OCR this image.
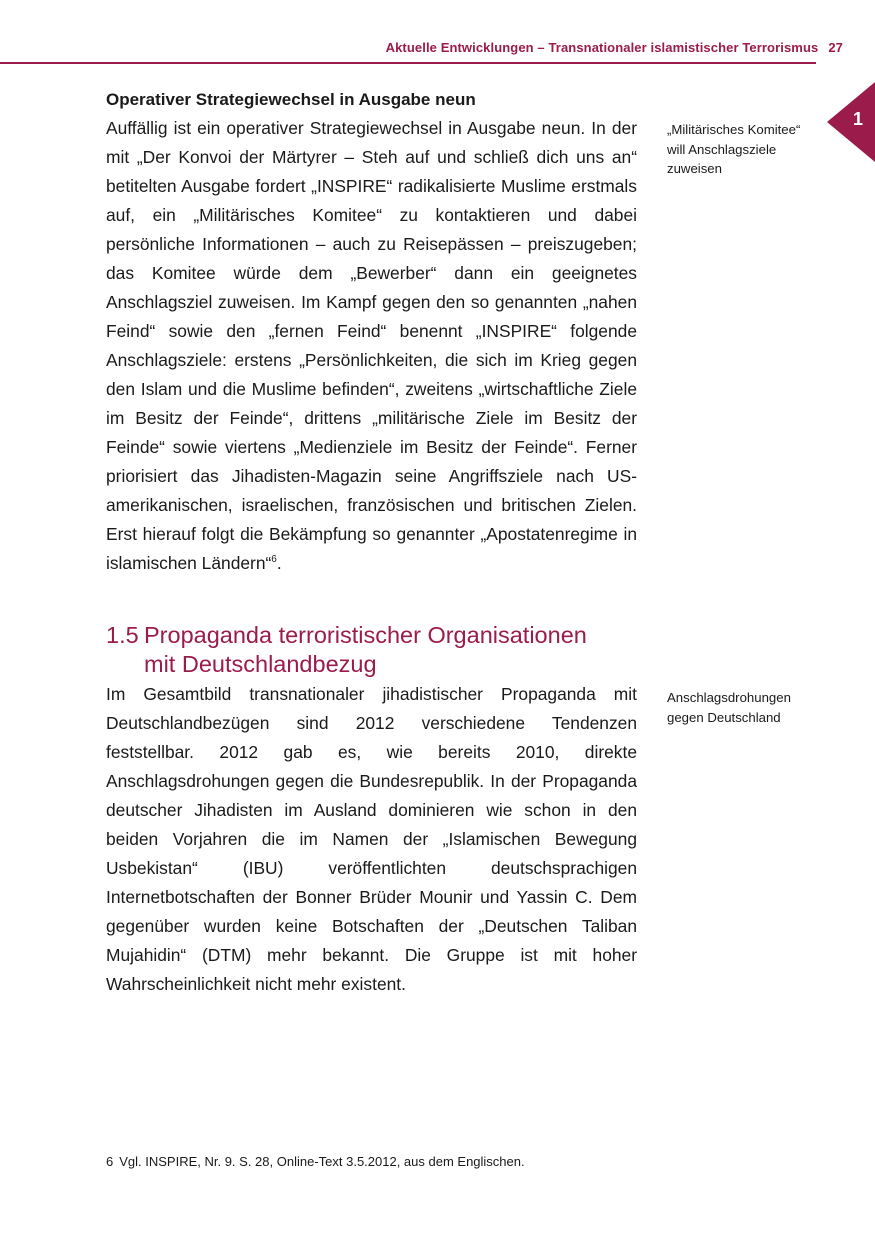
Aktuelle Entwicklungen – Transnationaler islamistischer Terrorismus 27
1
Operativer Strategiewechsel in Ausgabe neun

Auffällig ist ein operativer Strategiewechsel in Ausgabe neun. In der mit „Der Konvoi der Märtyrer – Steh auf und schließ dich uns an“ betitelten Ausgabe fordert „INSPIRE“ radikalisierte Muslime erstmals auf, ein „Militärisches Komitee“ zu kontaktieren und dabei persönliche Informationen – auch zu Reisepässen – preiszugeben; das Komitee würde dem „Bewerber“ dann ein geeignetes Anschlagsziel zuweisen. Im Kampf gegen den so genannten „nahen Feind“ sowie den „fernen Feind“ benennt „INSPIRE“ folgende Anschlagsziele: erstens „Persönlichkeiten, die sich im Krieg gegen den Islam und die Muslime befinden“, zweitens „wirtschaftliche Ziele im Besitz der Feinde“, drittens „militärische Ziele im Besitz der Feinde“ sowie viertens „Medienziele im Besitz der Feinde“. Ferner priorisiert das Jihadisten-Magazin seine Angriffsziele nach US-amerikanischen, israelischen, französischen und britischen Zielen. Erst hierauf folgt die Bekämpfung so genannter „Apostatenregime in islamischen Ländern“$^6$.

„Militärisches Komitee“ will Anschlagsziele zuweisen
1.5 Propaganda terroristischer Organisationen
mit Deutschlandbezug

Im Gesamtbild transnationaler jihadistischer Propaganda mit Deutschlandbezügen sind 2012 verschiedene Tendenzen feststellbar. 2012 gab es, wie bereits 2010, direkte Anschlagsdrohungen gegen die Bundesrepublik. In der Propaganda deutscher Jihadisten im Ausland dominieren wie schon in den beiden Vorjahren die im Namen der „Islamischen Bewegung Usbekistan“ (IBU) veröffentlichten deutschsprachigen Internetbotschaften der Bonner Brüder Mounir und Yassin C. Dem gegenüber wurden keine Botschaften der „Deutschen Taliban Mujahidin“ (DTM) mehr bekannt. Die Gruppe ist mit hoher Wahrscheinlichkeit nicht mehr existent.

Anschlagsdrohungen gegen Deutschland
6 Vgl. INSPIRE, Nr. 9. S. 28, Online-Text 3.5.2012, aus dem Englischen.
